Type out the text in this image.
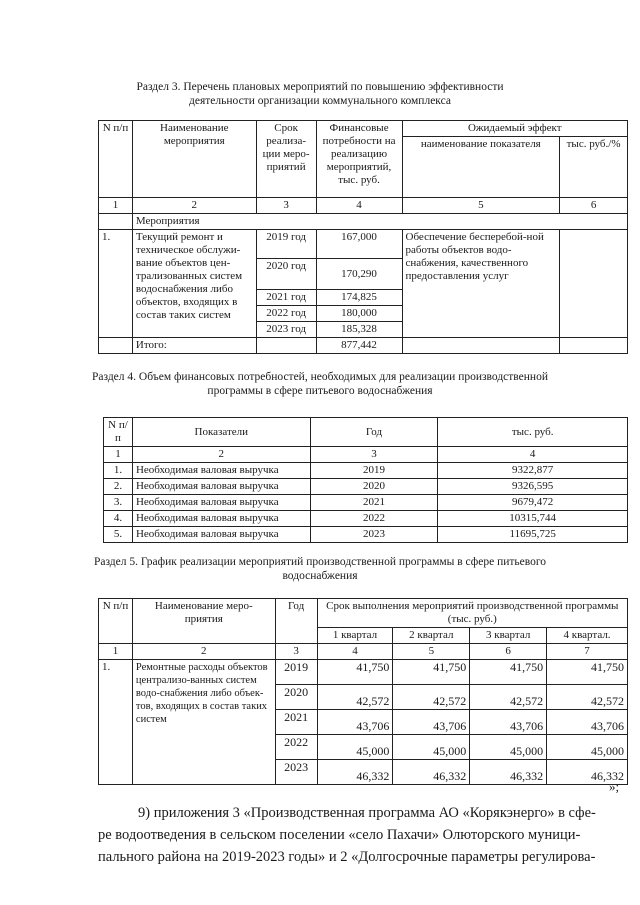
Раздел 3. Перечень плановых мероприятий по повышению эффективности
деятельности организации коммунального комплекса
N п/п	Наименование мероприятия	Срок реализа-ции меро-приятий	Финансовые потребности на реализацию мероприятий, тыс. руб.	Ожидаемый эффект	
				наименование показателя	тыс. руб./%
1	2	3	4	5	6
	Мероприятия				
1.	Текущий ремонт и техническое обслужи-вание объектов цен-трализованных систем водоснабжения либо объектов, входящих в состав таких систем	2019 год	167,000	Обеспечение бесперебой-ной работы объектов водо-снабжения, качественного предоставления услуг	
		2020 год	170,290		
		2021 год	174,825		
		2022 год	180,000		
		2023 год	185,328		
	Итого:		877,442		
Раздел 4. Объем финансовых потребностей, необходимых для реализации производственной
программы в сфере питьевого водоснабжения
N п/п	Показатели	Год	тыс. руб.
1	2	3	4
1.	Необходимая валовая выручка	2019	9322,877
2.	Необходимая валовая выручка	2020	9326,595
3.	Необходимая валовая выручка	2021	9679,472
4.	Необходимая валовая выручка	2022	10315,744
5.	Необходимая валовая выручка	2023	11695,725
Раздел 5. График реализации мероприятий производственной программы в сфере питьевого
водоснабжения
N п/п	Наименование меро-приятия	Год	Срок выполнения мероприятий производственной программы (тыс. руб.)			
			1 квартал	2 квартал	3 квартал	4 квартал.
1	2	3	4	5	6	7
1.	Ремонтные расходы объектов централизо-ванных систем водо-снабжения либо объек-тов, входящих в состав таких систем	2019	41,750	41,750	41,750	41,750
		2020	42,572	42,572	42,572	42,572
		2021	43,706	43,706	43,706	43,706
		2022	45,000	45,000	45,000	45,000
		2023	46,332	46,332	46,332	46,332
»;

9) приложения 3 «Производственная программа АО «Корякэнерго» в сфе-

ре водоотведения в сельском поселении «село Пахачи» Олюторского муници-

пального района на 2019-2023 годы» и 2 «Долгосрочные параметры регулирова-
